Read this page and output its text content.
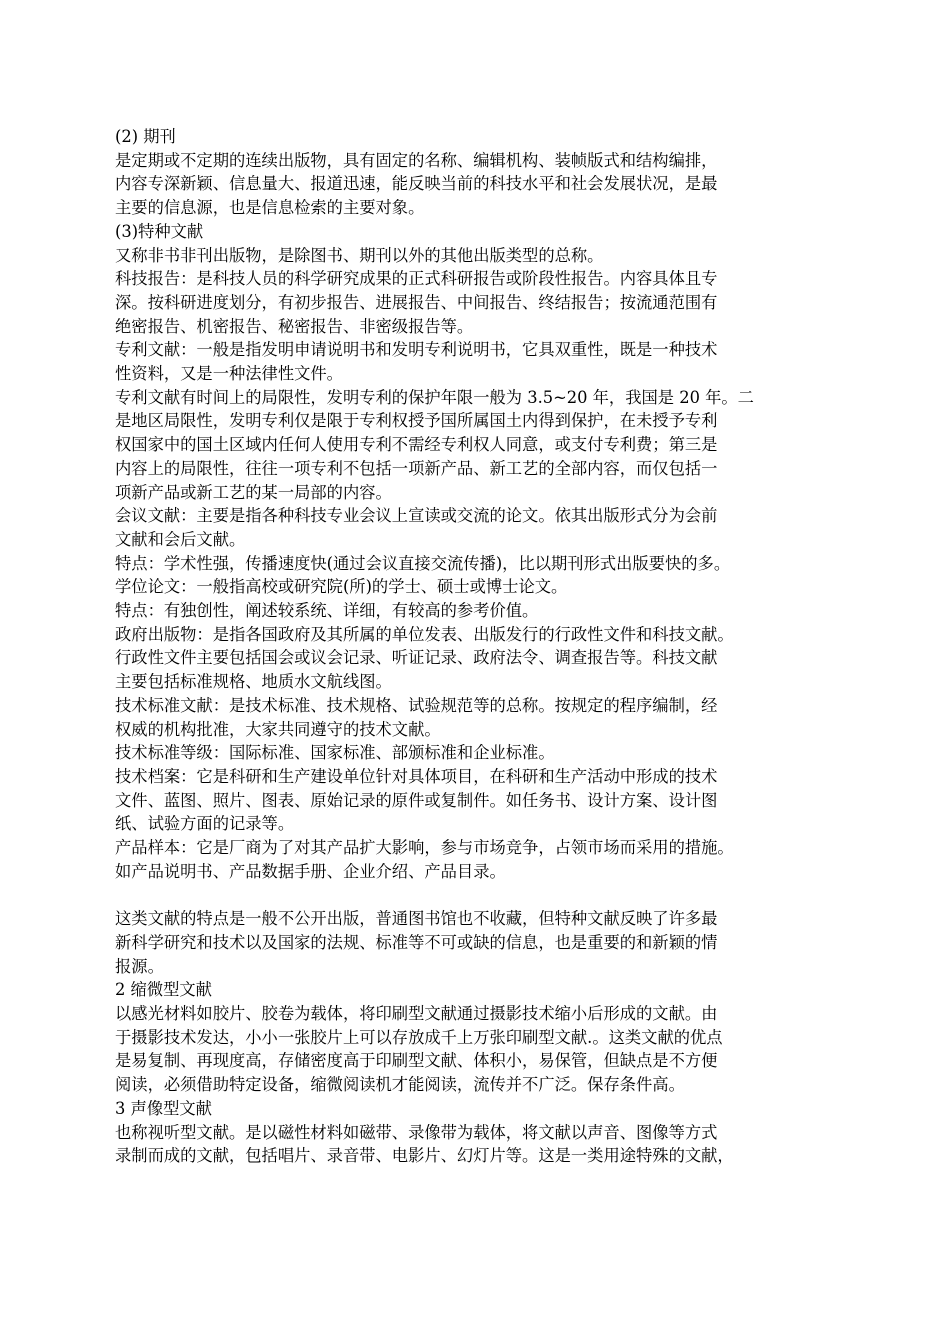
(2) 期刊

是定期或不定期的连续出版物，具有固定的名称、编辑机构、装帧版式和结构编排，

内容专深新颖、信息量大、报道迅速，能反映当前的科技水平和社会发展状况，是最

主要的信息源，也是信息检索的主要对象。

(3)特种文献

又称非书非刊出版物，是除图书、期刊以外的其他出版类型的总称。

科技报告：是科技人员的科学研究成果的正式科研报告或阶段性报告。内容具体且专

深。按科研进度划分，有初步报告、进展报告、中间报告、终结报告；按流通范围有

绝密报告、机密报告、秘密报告、非密级报告等。

专利文献：一般是指发明申请说明书和发明专利说明书，它具双重性，既是一种技术

性资料，又是一种法律性文件。

专利文献有时间上的局限性，发明专利的保护年限一般为 3.5~20 年，我国是 20 年。二

是地区局限性，发明专利仅是限于专利权授予国所属国土内得到保护，在未授予专利

权国家中的国土区域内任何人使用专利不需经专利权人同意，或支付专利费；第三是

内容上的局限性，往往一项专利不包括一项新产品、新工艺的全部内容，而仅包括一

项新产品或新工艺的某一局部的内容。

会议文献：主要是指各种科技专业会议上宣读或交流的论文。依其出版形式分为会前

文献和会后文献。

特点：学术性强，传播速度快(通过会议直接交流传播)，比以期刊形式出版要快的多。

学位论文：一般指高校或研究院(所)的学士、硕士或博士论文。

特点：有独创性，阐述较系统、详细，有较高的参考价值。

政府出版物：是指各国政府及其所属的单位发表、出版发行的行政性文件和科技文献。

行政性文件主要包括国会或议会记录、听证记录、政府法令、调查报告等。科技文献

主要包括标准规格、地质水文航线图。

技术标准文献：是技术标准、技术规格、试验规范等的总称。按规定的程序编制，经

权威的机构批准，大家共同遵守的技术文献。

技术标准等级：国际标准、国家标准、部颁标准和企业标准。

技术档案：它是科研和生产建设单位针对具体项目，在科研和生产活动中形成的技术

文件、蓝图、照片、图表、原始记录的原件或复制件。如任务书、设计方案、设计图

纸、试验方面的记录等。

产品样本：它是厂商为了对其产品扩大影响，参与市场竞争，占领市场而采用的措施。

如产品说明书、产品数据手册、企业介绍、产品目录。

这类文献的特点是一般不公开出版，普通图书馆也不收藏，但特种文献反映了许多最

新科学研究和技术以及国家的法规、标准等不可或缺的信息，也是重要的和新颖的情

报源。

2 缩微型文献

以感光材料如胶片、胶卷为载体，将印刷型文献通过摄影技术缩小后形成的文献。由

于摄影技术发达，小小一张胶片上可以存放成千上万张印刷型文献.。这类文献的优点

是易复制、再现度高，存储密度高于印刷型文献、体积小，易保管，但缺点是不方便

阅读，必须借助特定设备，缩微阅读机才能阅读，流传并不广泛。保存条件高。

3 声像型文献

也称视听型文献。是以磁性材料如磁带、录像带为载体，将文献以声音、图像等方式

录制而成的文献，包括唱片、录音带、电影片、幻灯片等。这是一类用途特殊的文献，
